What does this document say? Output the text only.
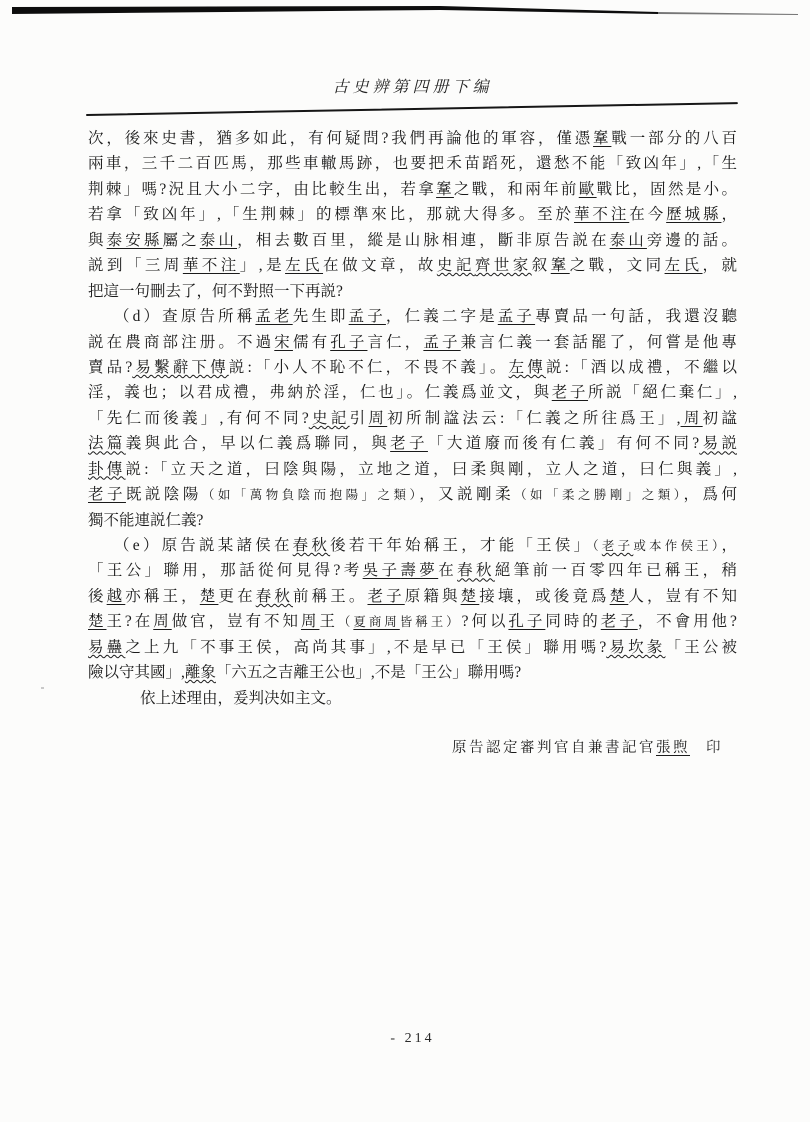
古史辨第四册下编
次，後來史書，猶多如此，有何疑問?我們再論他的軍容，僅憑鞌戰一部分的八百
兩車，三千二百匹馬，那些車轍馬跡，也要把禾苗蹈死，還愁不能「致凶年」,「生
荆棘」嗎?況且大小二字，由比較生出，若拿鞌之戰，和兩年前歐戰比，固然是小。
若拿「致凶年」,「生荆棘」的標準來比，那就大得多。至於華不注在今歷城縣，
與泰安縣屬之泰山，相去數百里，縱是山脉相連，斷非原告説在泰山旁邊的話。
説到「三周華不注」,是左氏在做文章，故史記齊世家叙鞌之戰，文同左氏，就
把這一句刪去了，何不對照一下再説?
（d）查原告所稱孟老先生即孟子，仁義二字是孟子專賣品一句話，我還沒聽
説在農商部注册。不過宋儒有孔子言仁，孟子兼言仁義一套話罷了，何嘗是他專
賣品?易繫辭下傳説:「小人不恥不仁，不畏不義」。左傳説:「酒以成禮，不繼以
淫，義也；以君成禮，弗納於淫，仁也」。仁義爲並文，與老子所説「絕仁棄仁」,
「先仁而後義」,有何不同?史記引周初所制諡法云:「仁義之所往爲王」,周初諡
法篇義與此合，早以仁義爲聯同，與老子「大道廢而後有仁義」有何不同?易説
卦傳説:「立天之道，曰陰與陽，立地之道，曰柔與剛，立人之道，曰仁與義」,
老子既説陰陽（如「萬物負陰而抱陽」之類），又説剛柔（如「柔之勝剛」之類），爲何
獨不能連説仁義?
（e）原告説某諸侯在春秋後若干年始稱王，才能「王侯」（老子或本作侯王），
「王公」聯用，那話從何見得?考吳子壽夢在春秋絕筆前一百零四年已稱王，稍
後越亦稱王，楚更在春秋前稱王。老子原籍與楚接壤，或後竟爲楚人，豈有不知
楚王?在周做官，豈有不知周王（夏商周皆稱王）?何以孔子同時的老子，不會用他?
易蠱之上九「不事王侯，高尚其事」,不是早已「王侯」聯用嗎?易坎彖「王公被
險以守其國」,離象「六五之吉離王公也」,不是「王公」聯用嗎?
依上述理由，爰判决如主文。
原告認定審判官自兼書記官張煦 印
- 214
